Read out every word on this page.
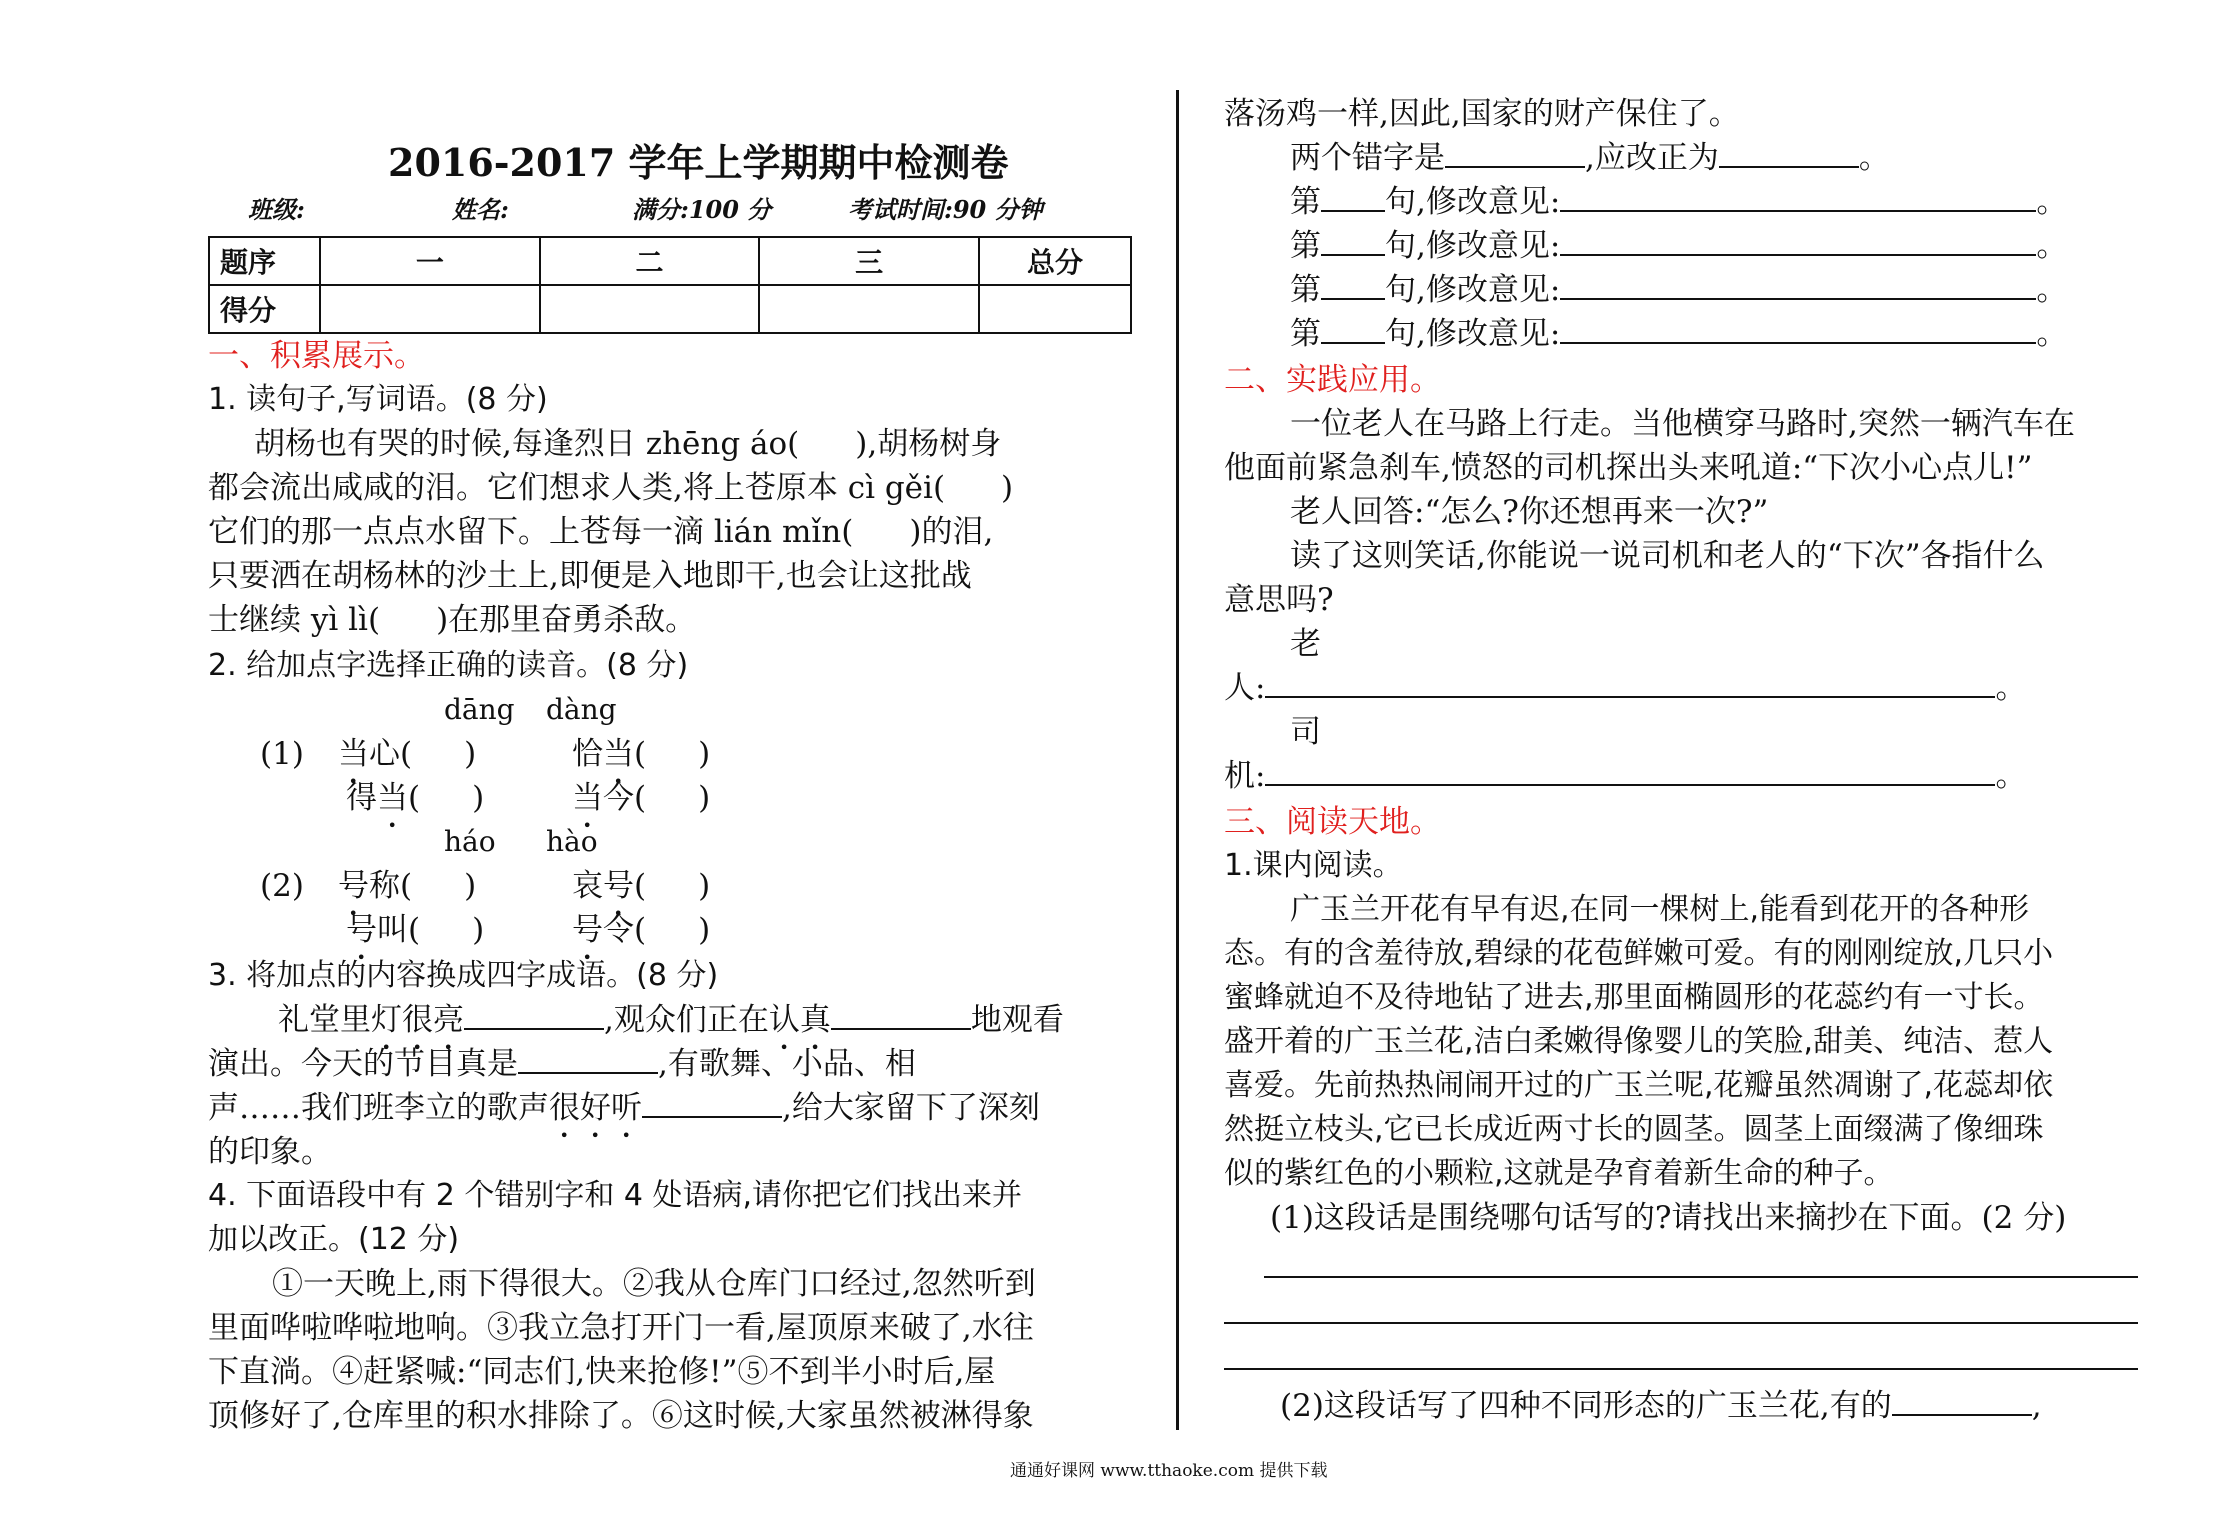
2016-2017 学年上学期期中检测卷
班级:	姓名:	满分:100 分	考试时间:90 分钟
题序	一	二	三	总分
得分				
一、积累展示。
1. 读句子,写词语。(8 分)
胡杨也有哭的时候,每逢烈日 zhēng áo( ),胡杨树身
都会流出咸咸的泪。它们想求人类,将上苍原本 cì gěi( )
它们的那一点点水留下。上苍每一滴 lián mǐn( )的泪,
只要洒在胡杨林的沙土上,即便是入地即干,也会让这批战
士继续 yì lì( )在那里奋勇杀敌。
2. 给加点字选择正确的读音。(8 分)
dāng dàng
(1) 当心( )	恰当( )
得当( )	当今( )
háo hào
(2) 号称( )	哀号( )
号叫( )	号令( )
3. 将加点的内容换成四字成语。(8 分)
礼堂里灯很亮	,观众们正在认真	地观看
演出。今天的节目真是	,有歌舞、小品、相
声……我们班李立的歌声很好听	,给大家留下了深刻
的印象。
4. 下面语段中有 2 个错别字和 4 处语病,请你把它们找出来并
加以改正。(12 分)
①一天晚上,雨下得很大。②我从仓库门口经过,忽然听到
里面哗啦哗啦地响。③我立急打开门一看,屋顶原来破了,水往
下直淌。④赶紧喊:“同志们,快来抢修!”⑤不到半小时后,屋
顶修好了,仓库里的积水排除了。⑥这时候,大家虽然被淋得象
落汤鸡一样,因此,国家的财产保住了。
两个错字是	,应改正为	。
第 句,修改意见:	。
第 句,修改意见:	。
第 句,修改意见:	。
第 句,修改意见:	。
二、实践应用。
一位老人在马路上行走。当他横穿马路时,突然一辆汽车在
他面前紧急刹车,愤怒的司机探出头来吼道:“下次小心点儿!”
老人回答:“怎么?你还想再来一次?”
读了这则笑话,你能说一说司机和老人的“下次”各指什么
意思吗?
老
人:	。
司
机:	。
三、阅读天地。
1.课内阅读。
广玉兰开花有早有迟,在同一棵树上,能看到花开的各种形
态。有的含羞待放,碧绿的花苞鲜嫩可爱。有的刚刚绽放,几只小
蜜蜂就迫不及待地钻了进去,那里面椭圆形的花蕊约有一寸长。
盛开着的广玉兰花,洁白柔嫩得像婴儿的笑脸,甜美、纯洁、惹人
喜爱。先前热热闹闹开过的广玉兰呢,花瓣虽然凋谢了,花蕊却依
然挺立枝头,它已长成近两寸长的圆茎。圆茎上面缀满了像细珠
似的紫红色的小颗粒,这就是孕育着新生命的种子。
(1)这段话是围绕哪句话写的?请找出来摘抄在下面。(2 分)
(2)这段话写了四种不同形态的广玉兰花,有的	,
通通好课网 www.tthaoke.com 提供下载
